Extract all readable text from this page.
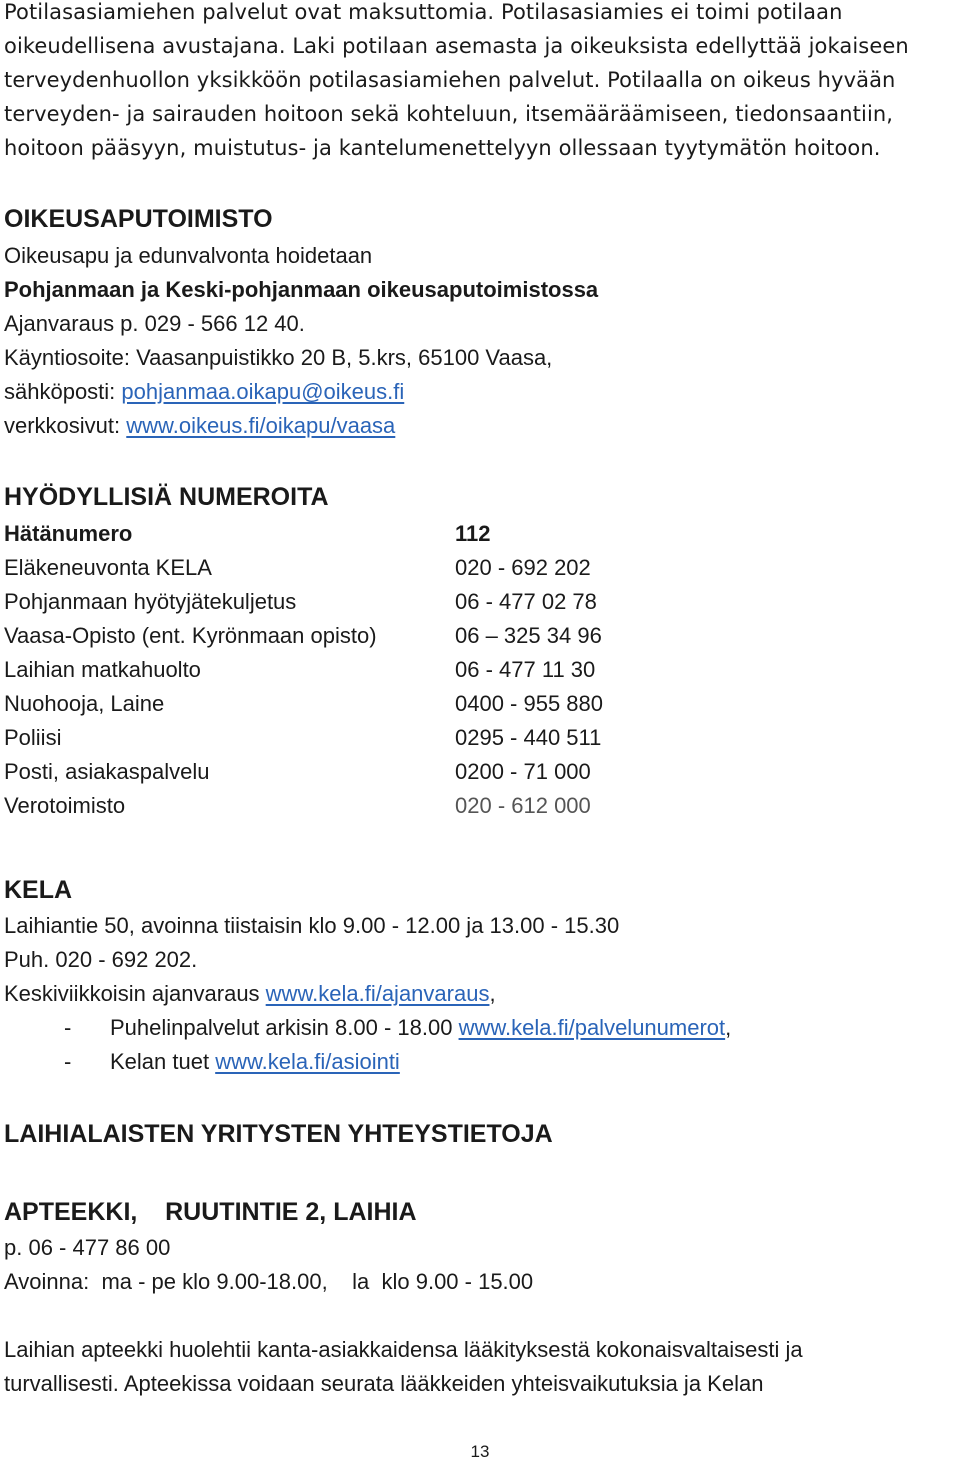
Potilasasiamiehen palvelut ovat maksuttomia. Potilasasiamies ei toimi potilaan
oikeudellisena avustajana. Laki potilaan asemasta ja oikeuksista edellyttää jokaiseen
terveydenhuollon yksikköön potilasasiamiehen palvelut. Potilaalla on oikeus hyvään
terveyden- ja sairauden hoitoon sekä kohteluun, itsemääräämiseen, tiedonsaantiin,
hoitoon pääsyyn, muistutus- ja kantelumenettelyyn ollessaan tyytymätön hoitoon.
OIKEUSAPUTOIMISTO
Oikeusapu ja edunvalvonta hoidetaan
Pohjanmaan ja Keski-pohjanmaan oikeusaputoimistossa
Ajanvaraus p. 029 - 566 12 40.
Käyntiosoite: Vaasanpuistikko 20 B, 5.krs, 65100 Vaasa,
sähköposti: pohjanmaa.oikapu@oikeus.fi
verkkosivut: www.oikeus.fi/oikapu/vaasa
HYÖDYLLISIÄ NUMEROITA
Hätänumero	112
Eläkeneuvonta KELA	020 - 692 202
Pohjanmaan hyötyjätekuljetus	06 - 477 02 78
Vaasa-Opisto (ent. Kyrönmaan opisto)	06 – 325 34 96
Laihian matkahuolto	06 - 477 11 30
Nuohooja, Laine	0400 - 955 880
Poliisi	0295 - 440 511
Posti, asiakaspalvelu	0200 - 71 000
Verotoimisto	020 - 612 000
KELA
Laihiantie 50, avoinna tiistaisin klo 9.00 - 12.00 ja 13.00 - 15.30
Puh. 020 - 692 202.
Keskiviikkoisin ajanvaraus www.kela.fi/ajanvaraus,
- Puhelinpalvelut arkisin 8.00 - 18.00 www.kela.fi/palvelunumerot,
- Kelan tuet www.kela.fi/asiointi
LAIHIALAISTEN YRITYSTEN YHTEYSTIETOJA
APTEEKKI,    RUUTINTIE 2, LAIHIA
p. 06 - 477 86 00
Avoinna:  ma - pe klo 9.00-18.00,    la  klo 9.00 - 15.00
Laihian apteekki huolehtii kanta-asiakkaidensa lääkityksestä kokonaisvaltaisesti ja
turvallisesti. Apteekissa voidaan seurata lääkkeiden yhteisvaikutuksia ja Kelan
13
